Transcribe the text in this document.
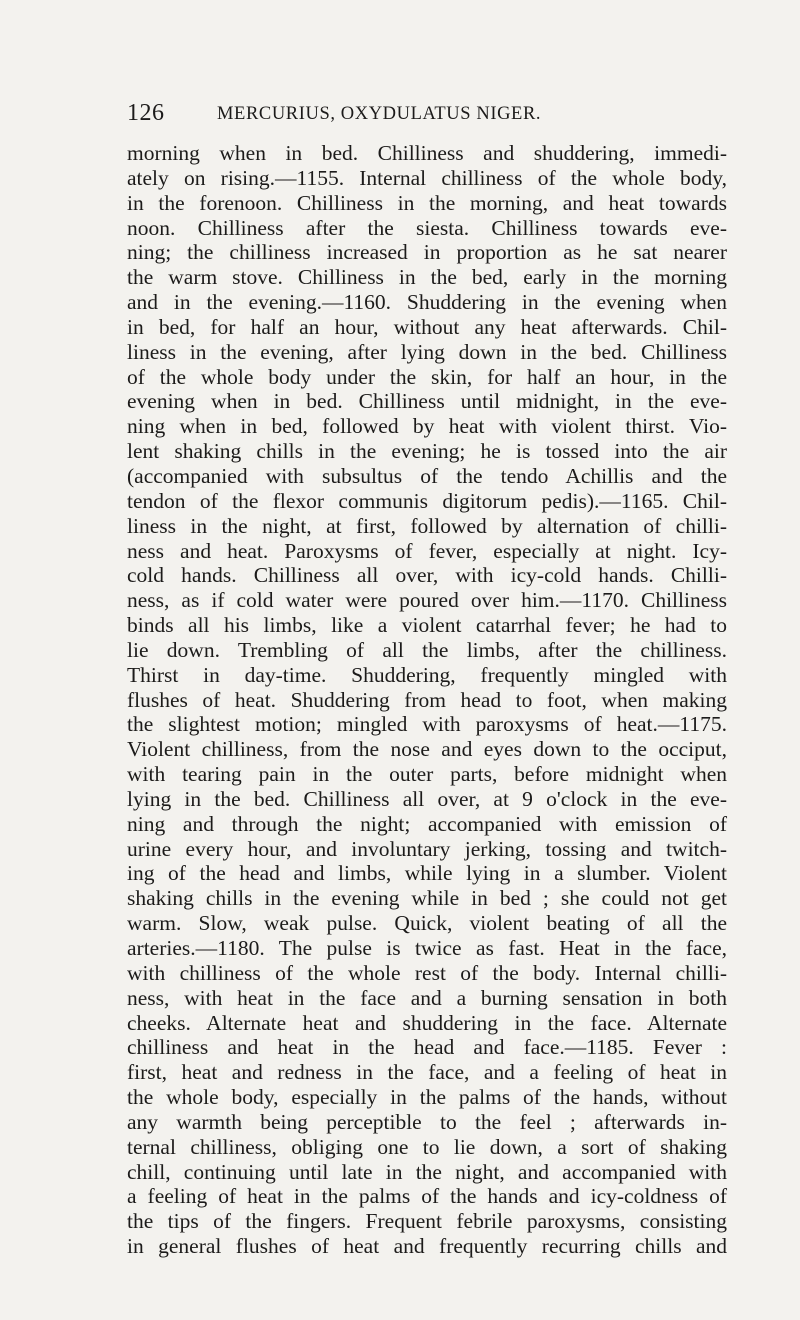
126	MERCURIUS, OXYDULATUS NIGER.
morning when in bed. Chilliness and shuddering, immedi-
ately on rising.—1155. Internal chilliness of the whole body,
in the forenoon. Chilliness in the morning, and heat towards
noon. Chilliness after the siesta. Chilliness towards eve-
ning; the chilliness increased in proportion as he sat nearer
the warm stove. Chilliness in the bed, early in the morning
and in the evening.—1160. Shuddering in the evening when
in bed, for half an hour, without any heat afterwards. Chil-
liness in the evening, after lying down in the bed. Chilliness
of the whole body under the skin, for half an hour, in the
evening when in bed. Chilliness until midnight, in the eve-
ning when in bed, followed by heat with violent thirst. Vio-
lent shaking chills in the evening; he is tossed into the air
(accompanied with subsultus of the tendo Achillis and the
tendon of the flexor communis digitorum pedis).—1165. Chil-
liness in the night, at first, followed by alternation of chilli-
ness and heat. Paroxysms of fever, especially at night. Icy-
cold hands. Chilliness all over, with icy-cold hands. Chilli-
ness, as if cold water were poured over him.—1170. Chilliness
binds all his limbs, like a violent catarrhal fever; he had to
lie down. Trembling of all the limbs, after the chilliness.
Thirst in day-time. Shuddering, frequently mingled with
flushes of heat. Shuddering from head to foot, when making
the slightest motion; mingled with paroxysms of heat.—1175.
Violent chilliness, from the nose and eyes down to the occiput,
with tearing pain in the outer parts, before midnight when
lying in the bed. Chilliness all over, at 9 o'clock in the eve-
ning and through the night; accompanied with emission of
urine every hour, and involuntary jerking, tossing and twitch-
ing of the head and limbs, while lying in a slumber. Violent
shaking chills in the evening while in bed ; she could not get
warm. Slow, weak pulse. Quick, violent beating of all the
arteries.—1180. The pulse is twice as fast. Heat in the face,
with chilliness of the whole rest of the body. Internal chilli-
ness, with heat in the face and a burning sensation in both
cheeks. Alternate heat and shuddering in the face. Alternate
chilliness and heat in the head and face.—1185. Fever :
first, heat and redness in the face, and a feeling of heat in
the whole body, especially in the palms of the hands, without
any warmth being perceptible to the feel ; afterwards in-
ternal chilliness, obliging one to lie down, a sort of shaking
chill, continuing until late in the night, and accompanied with
a feeling of heat in the palms of the hands and icy-coldness of
the tips of the fingers. Frequent febrile paroxysms, consisting
in general flushes of heat and frequently recurring chills and
